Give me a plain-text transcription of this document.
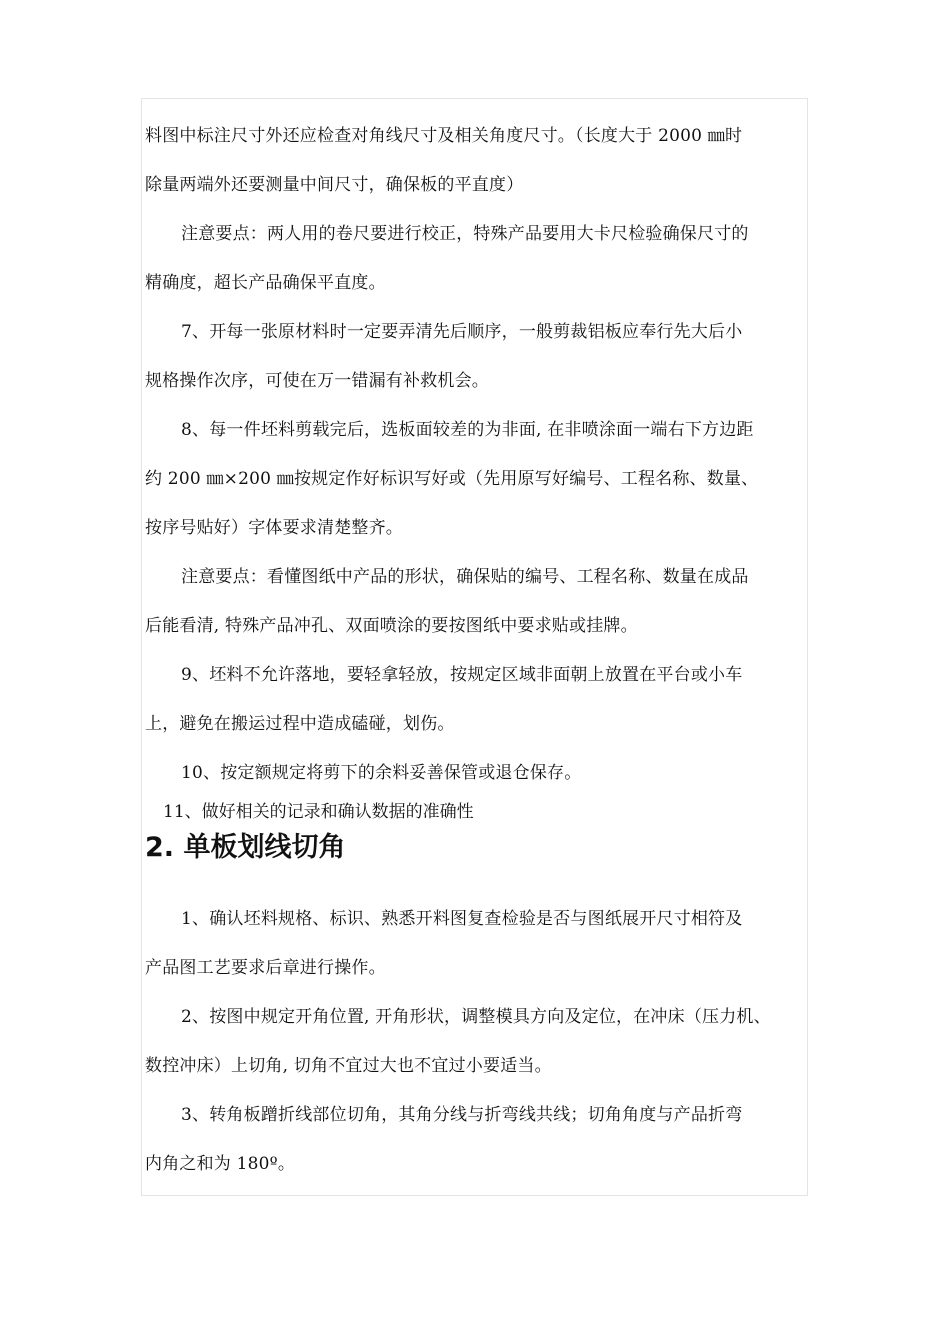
料图中标注尺寸外还应检查对角线尺寸及相关角度尺寸。（长度大于 2000 ㎜时

除量两端外还要测量中间尺寸，确保板的平直度）

注意要点：两人用的卷尺要进行校正，特殊产品要用大卡尺检验确保尺寸的

精确度，超长产品确保平直度。

7、开每一张原材料时一定要弄清先后顺序，一般剪裁铝板应奉行先大后小

规格操作次序，可使在万一错漏有补救机会。

8、每一件坯料剪载完后，选板面较差的为非面, 在非喷涂面一端右下方边距

约 200 ㎜×200 ㎜按规定作好标识写好或（先用原写好编号、工程名称、数量、

按序号贴好）字体要求清楚整齐。

注意要点：看懂图纸中产品的形状，确保贴的编号、工程名称、数量在成品

后能看清, 特殊产品冲孔、双面喷涂的要按图纸中要求贴或挂牌。

9、坯料不允许落地，要轻拿轻放，按规定区域非面朝上放置在平台或小车

上，避免在搬运过程中造成磕碰，划伤。

10、按定额规定将剪下的余料妥善保管或退仓保存。

11、做好相关的记录和确认数据的准确性

2. 单板划线切角

1、确认坯料规格、标识、熟悉开料图复查检验是否与图纸展开尺寸相符及

产品图工艺要求后章进行操作。

2、按图中规定开角位置, 开角形状，调整模具方向及定位，在冲床（压力机、

数控冲床）上切角, 切角不宜过大也不宜过小要适当。

3、转角板蹭折线部位切角，其角分线与折弯线共线；切角角度与产品折弯

内角之和为 180º。
